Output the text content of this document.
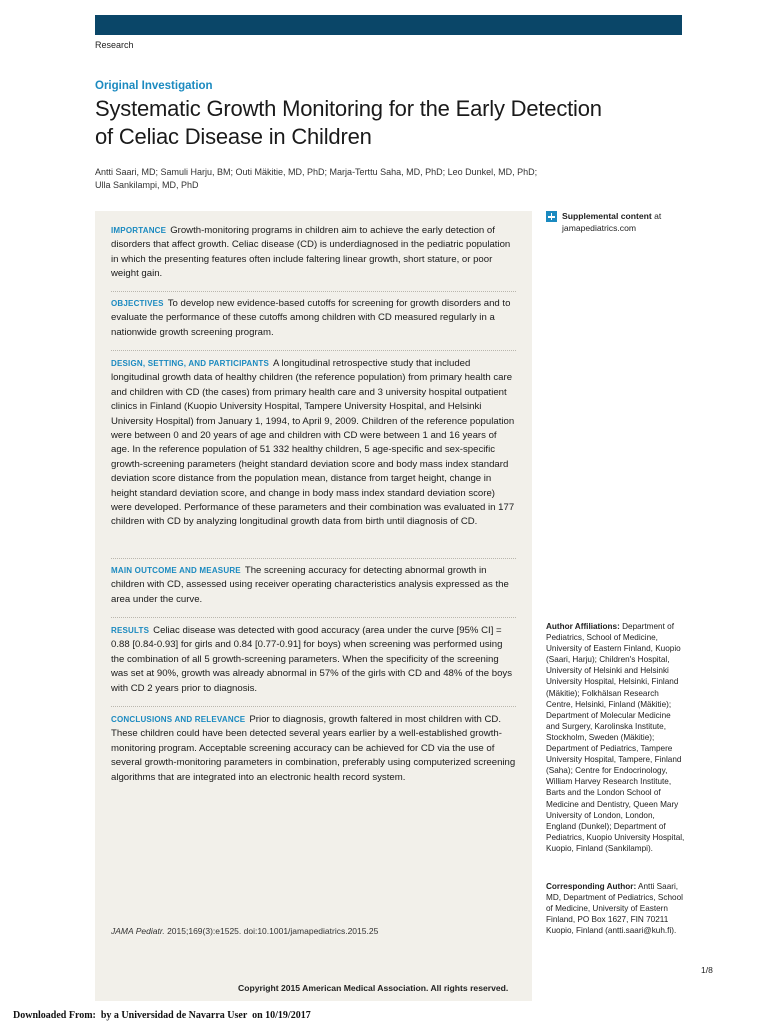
Research
Original Investigation
Systematic Growth Monitoring for the Early Detection
of Celiac Disease in Children
Antti Saari, MD; Samuli Harju, BM; Outi Mäkitie, MD, PhD; Marja-Terttu Saha, MD, PhD; Leo Dunkel, MD, PhD;
Ulla Sankilampi, MD, PhD
IMPORTANCE Growth-monitoring programs in children aim to achieve the early detection of disorders that affect growth. Celiac disease (CD) is underdiagnosed in the pediatric population in which the presenting features often include faltering linear growth, short stature, or poor weight gain.
OBJECTIVES To develop new evidence-based cutoffs for screening for growth disorders and to evaluate the performance of these cutoffs among children with CD measured regularly in a nationwide growth screening program.
DESIGN, SETTING, AND PARTICIPANTS A longitudinal retrospective study that included longitudinal growth data of healthy children (the reference population) from primary health care and children with CD (the cases) from primary health care and 3 university hospital outpatient clinics in Finland (Kuopio University Hospital, Tampere University Hospital, and Helsinki University Hospital) from January 1, 1994, to April 9, 2009. Children of the reference population were between 0 and 20 years of age and children with CD were between 1 and 16 years of age. In the reference population of 51 332 healthy children, 5 age-specific and sex-specific growth-screening parameters (height standard deviation score and body mass index standard deviation score distance from the population mean, distance from target height, change in height standard deviation score, and change in body mass index standard deviation score) were developed. Performance of these parameters and their combination was evaluated in 177 children with CD by analyzing longitudinal growth data from birth until diagnosis of CD.
MAIN OUTCOME AND MEASURE The screening accuracy for detecting abnormal growth in children with CD, assessed using receiver operating characteristics analysis expressed as the area under the curve.
RESULTS Celiac disease was detected with good accuracy (area under the curve [95% CI] = 0.88 [0.84-0.93] for girls and 0.84 [0.77-0.91] for boys) when screening was performed using the combination of all 5 growth-screening parameters. When the specificity of the screening was set at 90%, growth was already abnormal in 57% of the girls with CD and 48% of the boys with CD 2 years prior to diagnosis.
CONCLUSIONS AND RELEVANCE Prior to diagnosis, growth faltered in most children with CD. These children could have been detected several years earlier by a well-established growth-monitoring program. Acceptable screening accuracy can be achieved for CD via the use of several growth-monitoring parameters in combination, preferably using computerized screening algorithms that are integrated into an electronic health record system.
JAMA Pediatr. 2015;169(3):e1525. doi:10.1001/jamapediatrics.2015.25
Supplemental content at jamapediatrics.com
Author Affiliations: Department of Pediatrics, School of Medicine, University of Eastern Finland, Kuopio (Saari, Harju); Children's Hospital, University of Helsinki and Helsinki University Hospital, Helsinki, Finland (Mäkitie); Folkhälsan Research Centre, Helsinki, Finland (Mäkitie); Department of Molecular Medicine and Surgery, Karolinska Institute, Stockholm, Sweden (Mäkitie); Department of Pediatrics, Tampere University Hospital, Tampere, Finland (Saha); Centre for Endocrinology, William Harvey Research Institute, Barts and the London School of Medicine and Dentistry, Queen Mary University of London, London, England (Dunkel); Department of Pediatrics, Kuopio University Hospital, Kuopio, Finland (Sankilampi).
Corresponding Author: Antti Saari, MD, Department of Pediatrics, School of Medicine, University of Eastern Finland, PO Box 1627, FIN 70211 Kuopio, Finland (antti.saari@kuh.fi).
1/8
Copyright 2015 American Medical Association. All rights reserved.
Downloaded From:  by a Universidad de Navarra User  on 10/19/2017
